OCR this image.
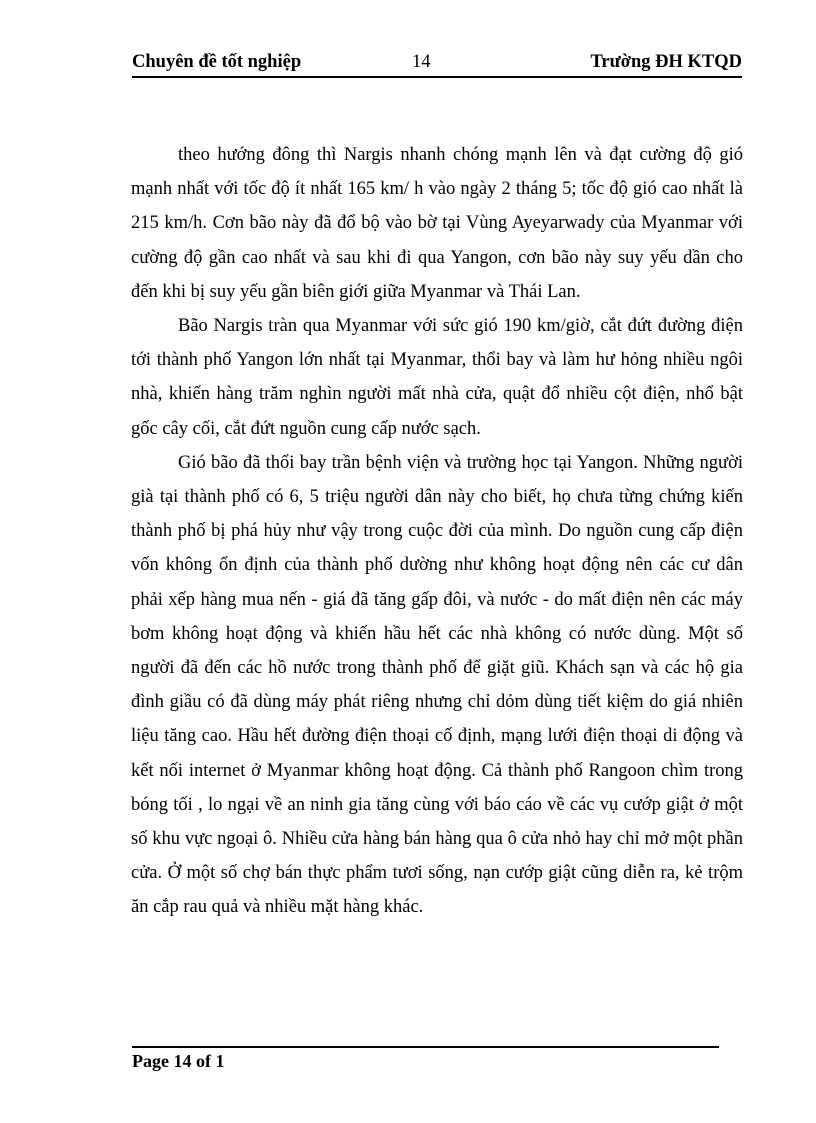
Chuyên đề tốt nghiệp	14	Trường ĐH KTQD

theo hướng đông thì Nargis nhanh chóng mạnh lên và đạt cường độ gió mạnh nhất với tốc độ ít nhất 165 km/ h vào ngày 2 tháng 5; tốc độ gió cao nhất là 215 km/h. Cơn bão này đã đổ bộ vào bờ tại Vùng Ayeyarwady của Myanmar với cường độ gần cao nhất và sau khi đi qua Yangon, cơn bão này suy yếu dần cho đến khi bị suy yếu gần biên giới giữa Myanmar và Thái Lan.

Bão Nargis tràn qua Myanmar với sức gió 190 km/giờ, cắt đứt đường điện tới thành phố Yangon lớn nhất tại Myanmar, thổi bay và làm hư hỏng nhiều ngôi nhà, khiến hàng trăm nghìn người mất nhà cửa, quật đổ nhiều cột điện, nhổ bật gốc cây cối, cắt đứt nguồn cung cấp nước sạch.

Gió bão đã thổi bay trần bệnh viện và trường học tại Yangon. Những người già tại thành phố có 6, 5 triệu người dân này cho biết, họ chưa từng chứng kiến thành phố bị phá hủy như vậy trong cuộc đời của mình. Do nguồn cung cấp điện vốn không ổn định của thành phố dường như không hoạt động nên các cư dân phải xếp hàng mua nến - giá đã tăng gấp đôi, và nước - do mất điện nên các máy bơm không hoạt động và khiến hầu hết các nhà không có nước dùng. Một số người đã đến các hồ nước trong thành phố để giặt giũ. Khách sạn và các hộ gia đình giầu có đã dùng máy phát riêng nhưng chỉ dỏm dùng tiết kiệm do giá nhiên liệu tăng cao. Hầu hết đường điện thoại cố định, mạng lưới điện thoại di động và kết nối internet ở Myanmar không hoạt động. Cả thành phố Rangoon chìm trong bóng tối , lo ngại về an ninh gia tăng cùng với báo cáo về các vụ cướp giật ở một số khu vực ngoại ô. Nhiều cửa hàng bán hàng qua ô cửa nhỏ hay chỉ mở một phần cửa. Ở một số chợ bán thực phẩm tươi sống, nạn cướp giật cũng diễn ra, kẻ trộm ăn cắp rau quả và nhiều mặt hàng khác.

Page 14 of 1
